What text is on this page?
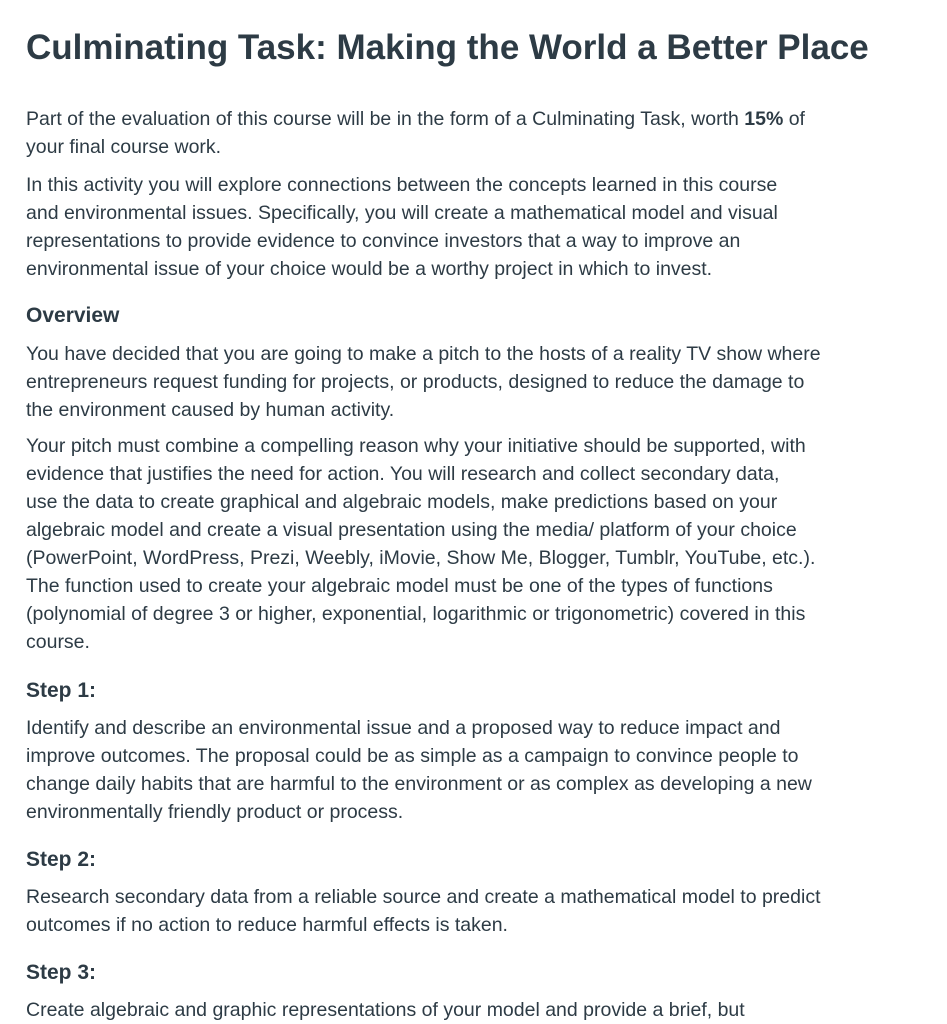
Culminating Task: Making the World a Better Place

Part of the evaluation of this course will be in the form of a Culminating Task, worth 15% of
your final course work.

In this activity you will explore connections between the concepts learned in this course
and environmental issues. Specifically, you will create a mathematical model and visual
representations to provide evidence to convince investors that a way to improve an
environmental issue of your choice would be a worthy project in which to invest.

Overview

You have decided that you are going to make a pitch to the hosts of a reality TV show where
entrepreneurs request funding for projects, or products, designed to reduce the damage to
the environment caused by human activity.

Your pitch must combine a compelling reason why your initiative should be supported, with
evidence that justifies the need for action. You will research and collect secondary data,
use the data to create graphical and algebraic models, make predictions based on your
algebraic model and create a visual presentation using the media/ platform of your choice
(PowerPoint, WordPress, Prezi, Weebly, iMovie, Show Me, Blogger, Tumblr, YouTube, etc.).
The function used to create your algebraic model must be one of the types of functions
(polynomial of degree 3 or higher, exponential, logarithmic or trigonometric) covered in this
course.

Step 1:

Identify and describe an environmental issue and a proposed way to reduce impact and
improve outcomes. The proposal could be as simple as a campaign to convince people to
change daily habits that are harmful to the environment or as complex as developing a new
environmentally friendly product or process.

Step 2:

Research secondary data from a reliable source and create a mathematical model to predict
outcomes if no action to reduce harmful effects is taken.

Step 3:

Create algebraic and graphic representations of your model and provide a brief, but
